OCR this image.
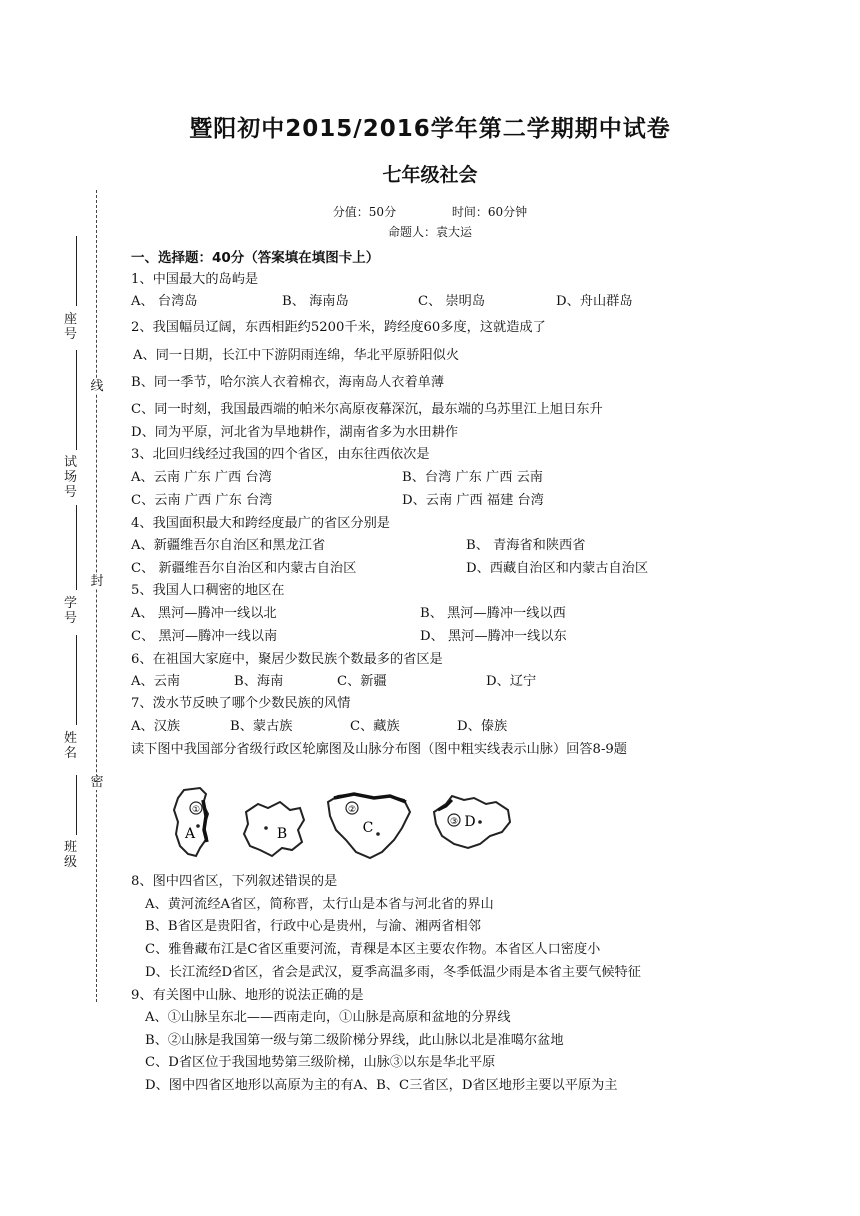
暨阳初中2015/2016学年第二学期期中试卷
七年级社会
分值：50分	时间：60分钟
命题人：袁大运
线
封
密
座号
试场号
学号
姓名
班级
一、选择题：40分（答案填在填图卡上）
1、中国最大的岛屿是
A、 台湾岛	B、 海南岛	C、 崇明岛	D、舟山群岛
2、我国幅员辽阔，东西相距约5200千米，跨经度60多度，这就造成了
A、同一日期，长江中下游阴雨连绵，华北平原骄阳似火
B、同一季节，哈尔滨人衣着棉衣，海南岛人衣着单薄
C、同一时刻，我国最西端的帕米尔高原夜幕深沉，最东端的乌苏里江上旭日东升
D、同为平原，河北省为旱地耕作，湖南省多为水田耕作
3、北回归线经过我国的四个省区，由东往西依次是
A、云南 广东 广西 台湾	B、台湾 广东 广西 云南
C、云南 广西 广东 台湾	D、云南 广西 福建 台湾
4、我国面积最大和跨经度最广的省区分别是
A、新疆维吾尔自治区和黑龙江省	B、 青海省和陕西省
C、 新疆维吾尔自治区和内蒙古自治区	D、西藏自治区和内蒙古自治区
5、我国人口稠密的地区在
A、 黑河—腾冲一线以北	B、 黑河—腾冲一线以西
C、 黑河—腾冲一线以南	D、 黑河—腾冲一线以东
6、在祖国大家庭中，聚居少数民族个数最多的省区是
A、云南	B、海南	C、新疆	D、辽宁
7、泼水节反映了哪个少数民族的风情
A、汉族	B、蒙古族	C、藏族	D、傣族
读下图中我国部分省级行政区轮廓图及山脉分布图（图中粗实线表示山脉）回答8-9题
①
A	B
②
C	③ D
8、图中四省区，下列叙述错误的是
A、黄河流经A省区，简称晋，太行山是本省与河北省的界山
B、B省区是贵阳省，行政中心是贵州，与渝、湘两省相邻
C、雅鲁藏布江是C省区重要河流，青稞是本区主要农作物。本省区人口密度小
D、长江流经D省区，省会是武汉，夏季高温多雨，冬季低温少雨是本省主要气候特征
9、有关图中山脉、地形的说法正确的是
A、①山脉呈东北——西南走向，①山脉是高原和盆地的分界线
B、②山脉是我国第一级与第二级阶梯分界线，此山脉以北是准噶尔盆地
C、D省区位于我国地势第三级阶梯，山脉③以东是华北平原
D、图中四省区地形以高原为主的有A、B、C三省区，D省区地形主要以平原为主
